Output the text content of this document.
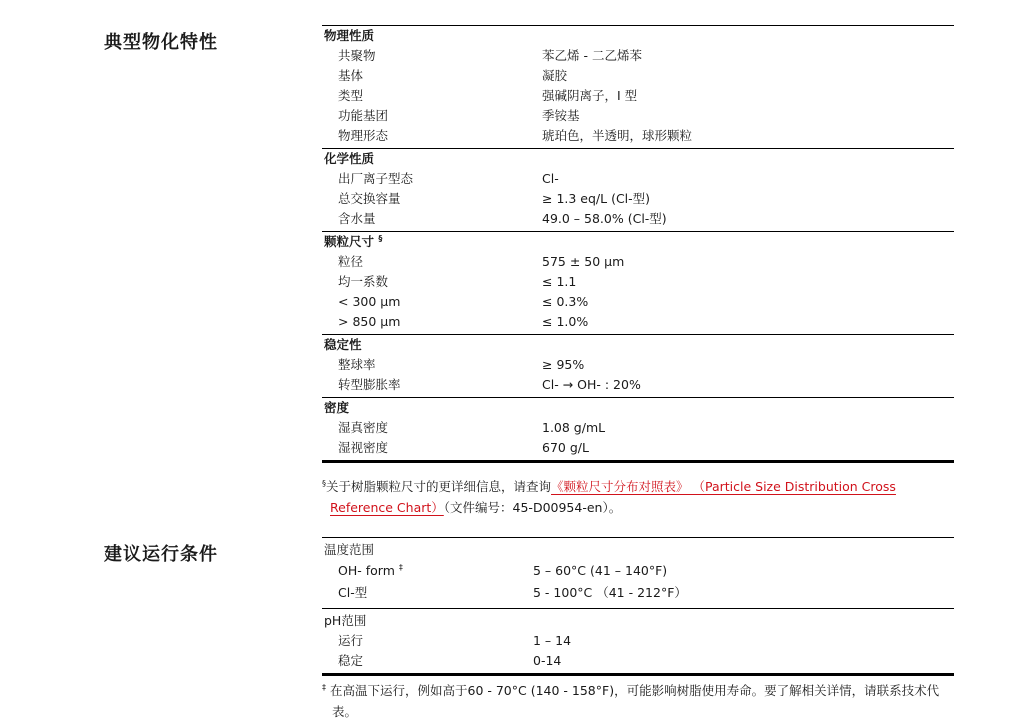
典型物化特性	物理性质
共聚物	苯乙烯 - 二乙烯苯
基体	凝胶
类型	强碱阴离子，I 型
功能基团	季铵基
物理形态	琥珀色，半透明，球形颗粒
化学性质
出厂离子型态	Cl-
总交换容量	≥ 1.3 eq/L (Cl-型)
含水量	49.0 – 58.0% (Cl-型)
颗粒尺寸 §
粒径	575 ± 50 µm
均一系数	≤ 1.1
< 300 µm	≤ 0.3%
> 850 µm	≤ 1.0%
稳定性
整球率	≥ 95%
转型膨胀率	Cl- → OH- : 20%
密度
湿真密度	1.08 g/mL
湿视密度	670 g/L
§关于树脂颗粒尺寸的更详细信息，请查询《颗粒尺寸分布对照表》 （Particle Size Distribution Cross
Reference Chart）（文件编号：45-D00954-en）。
建议运行条件	温度范围
OH- form ‡	5 – 60°C (41 – 140°F)
Cl-型	5 - 100°C （41 - 212°F）
pH范围
运行	1 – 14
稳定	0-14
‡ 在高温下运行，例如高于60 - 70°C (140 - 158°F)，可能影响树脂使用寿命。要了解相关详情，请联系技术代
表。
